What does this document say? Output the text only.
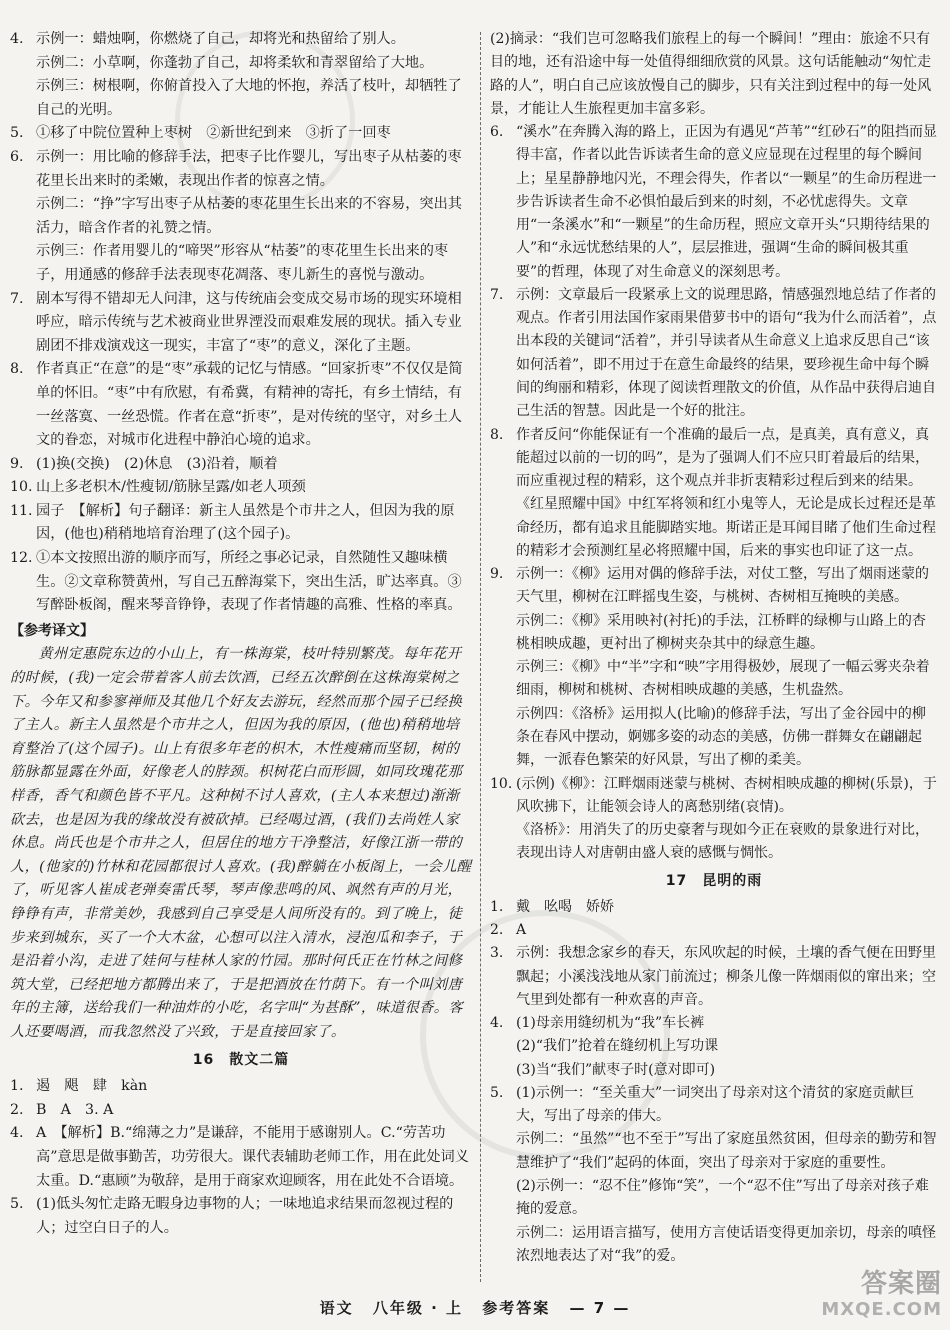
4. 示例一：蜡烛啊，你燃烧了自己，却将光和热留给了别人。
示例二：小草啊，你蓬勃了自己，却将柔软和青翠留给了大地。
示例三：树根啊，你俯首投入了大地的怀抱，养活了枝叶，却牺牲了自己的光明。
5. ①移了中院位置种上枣树　②新世纪到来　③折了一回枣
6. 示例一：用比喻的修辞手法，把枣子比作婴儿，写出枣子从枯萎的枣花里长出来时的柔嫩，表现出作者的惊喜之情。
示例二：“挣”字写出枣子从枯萎的枣花里生长出来的不容易，突出其活力，暗含作者的礼赞之情。
示例三：作者用婴儿的“啼哭”形容从“枯萎”的枣花里生长出来的枣子，用通感的修辞手法表现枣花凋落、枣儿新生的喜悦与激动。
7. 剧本写得不错却无人问津，这与传统庙会变成交易市场的现实环境相呼应，暗示传统与艺术被商业世界湮没而艰难发展的现状。插入专业剧团不排戏演戏这一现实，丰富了“枣”的意义，深化了主题。
8. 作者真正“在意”的是“枣”承载的记忆与情感。“回家折枣”不仅仅是简单的怀旧。“枣”中有欣慰，有希冀，有精神的寄托，有乡土情结，有一丝落寞、一丝恐慌。作者在意“折枣”，是对传统的坚守，对乡土人文的眷恋，对城市化进程中静泊心境的追求。
9. (1)换(交换)　(2)休息　(3)沿着，顺着
10. 山上多老枳木/性瘦韧/筋脉呈露/如老人项颈
11. 园子　【解析】句子翻译：新主人虽然是个市井之人，但因为我的原因，(他也)稍稍地培育治理了(这个园子)。
12. ①本文按照出游的顺序而写，所经之事必记录，自然随性又趣味横生。②文章称赞黄州，写自己五醉海棠下，突出生活，旷达率真。③写醉卧板阁，醒来琴音铮铮，表现了作者情趣的高雅、性格的率真。
【参考译文】
黄州定惠院东边的小山上，有一株海棠，枝叶特别繁茂。每年花开的时候，(我)一定会带着客人前去饮酒，已经五次醉倒在这株海棠树之下。今年又和参寥禅师及其他几个好友去游玩，经然而那个园子已经换了主人。新主人虽然是个市井之人，但因为我的原因，(他也)稍稍地培育整治了(这个园子)。山上有很多年老的枳木，木性瘦痛而坚韧，树的筋脉都显露在外面，好像老人的脖颈。枳树花白而形圆，如同玫瑰花那样香，香气和颜色皆不平凡。这种树不讨人喜欢，(主人本来想过)渐渐砍去，也是因为我的缘故没有被砍掉。已经喝过酒，(我们)去尚姓人家休息。尚氏也是个市井之人，但居住的地方干净整洁，好像江浙一带的人，(他家的)竹林和花园都很讨人喜欢。(我)醉躺在小板阁上，一会儿醒了，听见客人崔成老弹奏雷氏琴，琴声像悲鸣的风、飒然有声的月光，铮铮有声，非常美妙，我感到自己享受是人间所没有的。到了晚上，徒步来到城东，买了一个大木盆，心想可以注入清水，浸泡瓜和李子，于是沿着小沟，走进了娃何与桂林人家的竹园。那时何氏正在竹林之间修筑大堂，已经把地方都腾出来了，于是把酒放在竹荫下。有一个叫刘唐年的主簿，送给我们一种油炸的小吃，名字叫“为甚酥”，味道很香。客人还要喝酒，而我忽然没了兴致，于是直接回家了。
16　散文二篇
1. 遏　飓　肆　kàn
2. B　A　3. A
4. A　【解析】B.“绵薄之力”是谦辞，不能用于感谢别人。C.“劳苦功高”意思是做事勤苦，功劳很大。课代表辅助老师工作，用在此处词义太重。D.“惠顾”为敬辞，是用于商家欢迎顾客，用在此处不合语境。
5. (1)低头匆忙走路无暇身边事物的人；一味地追求结果而忽视过程的人；过空白日子的人。
(2)摘录：“我们岂可忽略我们旅程上的每一个瞬间！”理由：旅途不只有目的地，还有沿途中每一处值得细细欣赏的风景。这句话能触动“匆忙走路的人”，明白自己应该放慢自己的脚步，只有关注到过程中的每一处风景，才能让人生旅程更加丰富多彩。
6. “溪水”在奔腾入海的路上，正因为有遇见“芦苇”“红砂石”的阻挡而显得丰富，作者以此告诉读者生命的意义应显现在过程里的每个瞬间上；星星静静地闪光，不理会得失，作者以“一颗星”的生命历程进一步告诉读者生命不必惧怕最后到来的时刻，不必忧虑得失。文章用“一条溪水”和“一颗星”的生命历程，照应文章开头“只期待结果的人”和“永远忧愁结果的人”，层层推进，强调“生命的瞬间极其重要”的哲理，体现了对生命意义的深刻思考。
7. 示例：文章最后一段紧承上文的说理思路，情感强烈地总结了作者的观点。作者引用法国作家雨果借萝书中的语句“我为什么而活着”，点出本段的关键词“活着”，并引导读者从生命意义上追求反思自己“该如何活着”，即不用过于在意生命最终的结果，要珍视生命中每个瞬间的绚丽和精彩，体现了阅读哲理散文的价值，从作品中获得启迪自己生活的智慧。因此是一个好的批注。
8. 作者反问“你能保证有一个准确的最后一点，是真美，真有意义，真能超过以前的一切的吗”，是为了强调人们不应只盯着最后的结果，而应重视过程的精彩，这个观点并非折衷精彩过程后到来的结果。《红星照耀中国》中红军将领和红小鬼等人，无论是成长过程还是革命经历，都有追求且能脚踏实地。斯诺正是耳闻目睹了他们生命过程的精彩才会预测红星必将照耀中国，后来的事实也印证了这一点。
9. 示例一：《柳》运用对偶的修辞手法，对仗工整，写出了烟雨迷蒙的天气里，柳树在江畔摇曳生姿，与桃树、杏树相互掩映的美感。
示例二：《柳》采用映衬(衬托)的手法，江桥畔的绿柳与山路上的杏桃相映成趣，更衬出了柳树夹杂其中的绿意生趣。
示例三：《柳》中“半”字和“映”字用得极妙，展现了一幅云雾夹杂着细雨，柳树和桃树、杏树相映成趣的美感，生机盎然。
示例四：《洛桥》运用拟人(比喻)的修辞手法，写出了金谷园中的柳条在春风中摆动，婀娜多姿的动态的美感，仿佛一群舞女在翩翩起舞，一派春色繁荣的好风景，写出了柳的柔美。
10. (示例)《柳》：江畔烟雨迷蒙与桃树、杏树相映成趣的柳树(乐景)，于风吹拂下，让能领会诗人的离愁别绪(哀情)。
《洛桥》：用消失了的历史豪奢与现如今正在衰败的景象进行对比，表现出诗人对唐朝由盛人衰的感慨与惆怅。
17　昆明的雨
1. 戴　吆喝　娇娇
2. A
3. 示例：我想念家乡的春天，东风吹起的时候，土壤的香气便在田野里飘起；小溪浅浅地从家门前流过；柳条儿像一阵烟雨似的窜出来；空气里到处都有一种欢喜的声音。
4. (1)母亲用缝纫机为“我”车长裤
(2)“我们”抢着在缝纫机上写功课
(3)当“我们”献枣子时(意对即可)
5. (1)示例一：“至关重大”一词突出了母亲对这个清贫的家庭贡献巨大，写出了母亲的伟大。
示例二：“虽然”“也不至于”写出了家庭虽然贫困，但母亲的勤劳和智慧维护了“我们”起码的体面，突出了母亲对于家庭的重要性。
(2)示例一：“忍不住”修饰“笑”，一个“忍不住”写出了母亲对孩子难掩的爱意。
示例二：运用语言描写，使用方言使话语变得更加亲切，母亲的嗔怪浓烈地表达了对“我”的爱。
语文 八年级 · 上 参考答案 — 7 —
答案圈
MXQE.COM
